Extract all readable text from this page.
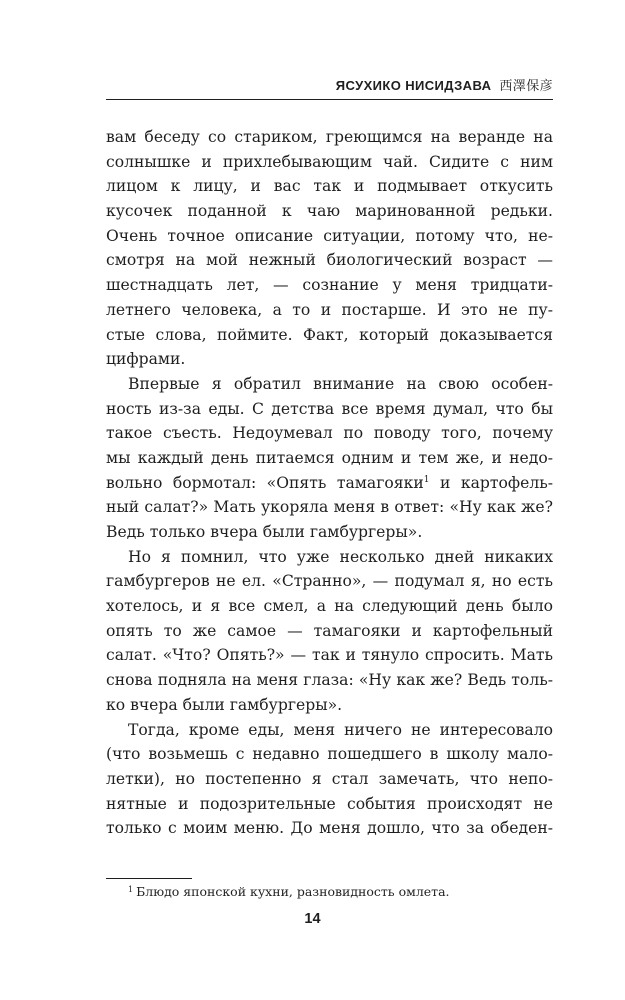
ЯСУХИКО НИСИДЗАВА 西澤保彦
вам беседу со стариком, греющимся на веранде на
солнышке и прихлебывающим чай. Сидите с ним
лицом к лицу, и вас так и подмывает откусить
кусочек поданной к чаю маринованной редьки.
Очень точное описание ситуации, потому что, не-
смотря на мой нежный биологический возраст —
шестнадцать лет, — сознание у меня тридцати-
летнего человека, а то и постарше. И это не пу-
стые слова, поймите. Факт, который доказывается
цифрами.
Впервые я обратил внимание на свою особен-
ность из-за еды. С детства все время думал, что бы
такое съесть. Недоумевал по поводу того, почему
мы каждый день питаемся одним и тем же, и недо-
вольно бормотал: «Опять тамагояки$^1$ и картофель-
ный салат?» Мать укоряла меня в ответ: «Ну как же?
Ведь только вчера были гамбургеры».
Но я помнил, что уже несколько дней никаких
гамбургеров не ел. «Странно», — подумал я, но есть
хотелось, и я все смел, а на следующий день было
опять то же самое — тамагояки и картофельный
салат. «Что? Опять?» — так и тянуло спросить. Мать
снова подняла на меня глаза: «Ну как же? Ведь толь-
ко вчера были гамбургеры».
Тогда, кроме еды, меня ничего не интересовало
(что возьмешь с недавно пошедшего в школу мало-
летки), но постепенно я стал замечать, что непо-
нятные и подозрительные события происходят не
только с моим меню. До меня дошло, что за обеден-
$^1$ Блюдо японской кухни, разновидность омлета.
14
